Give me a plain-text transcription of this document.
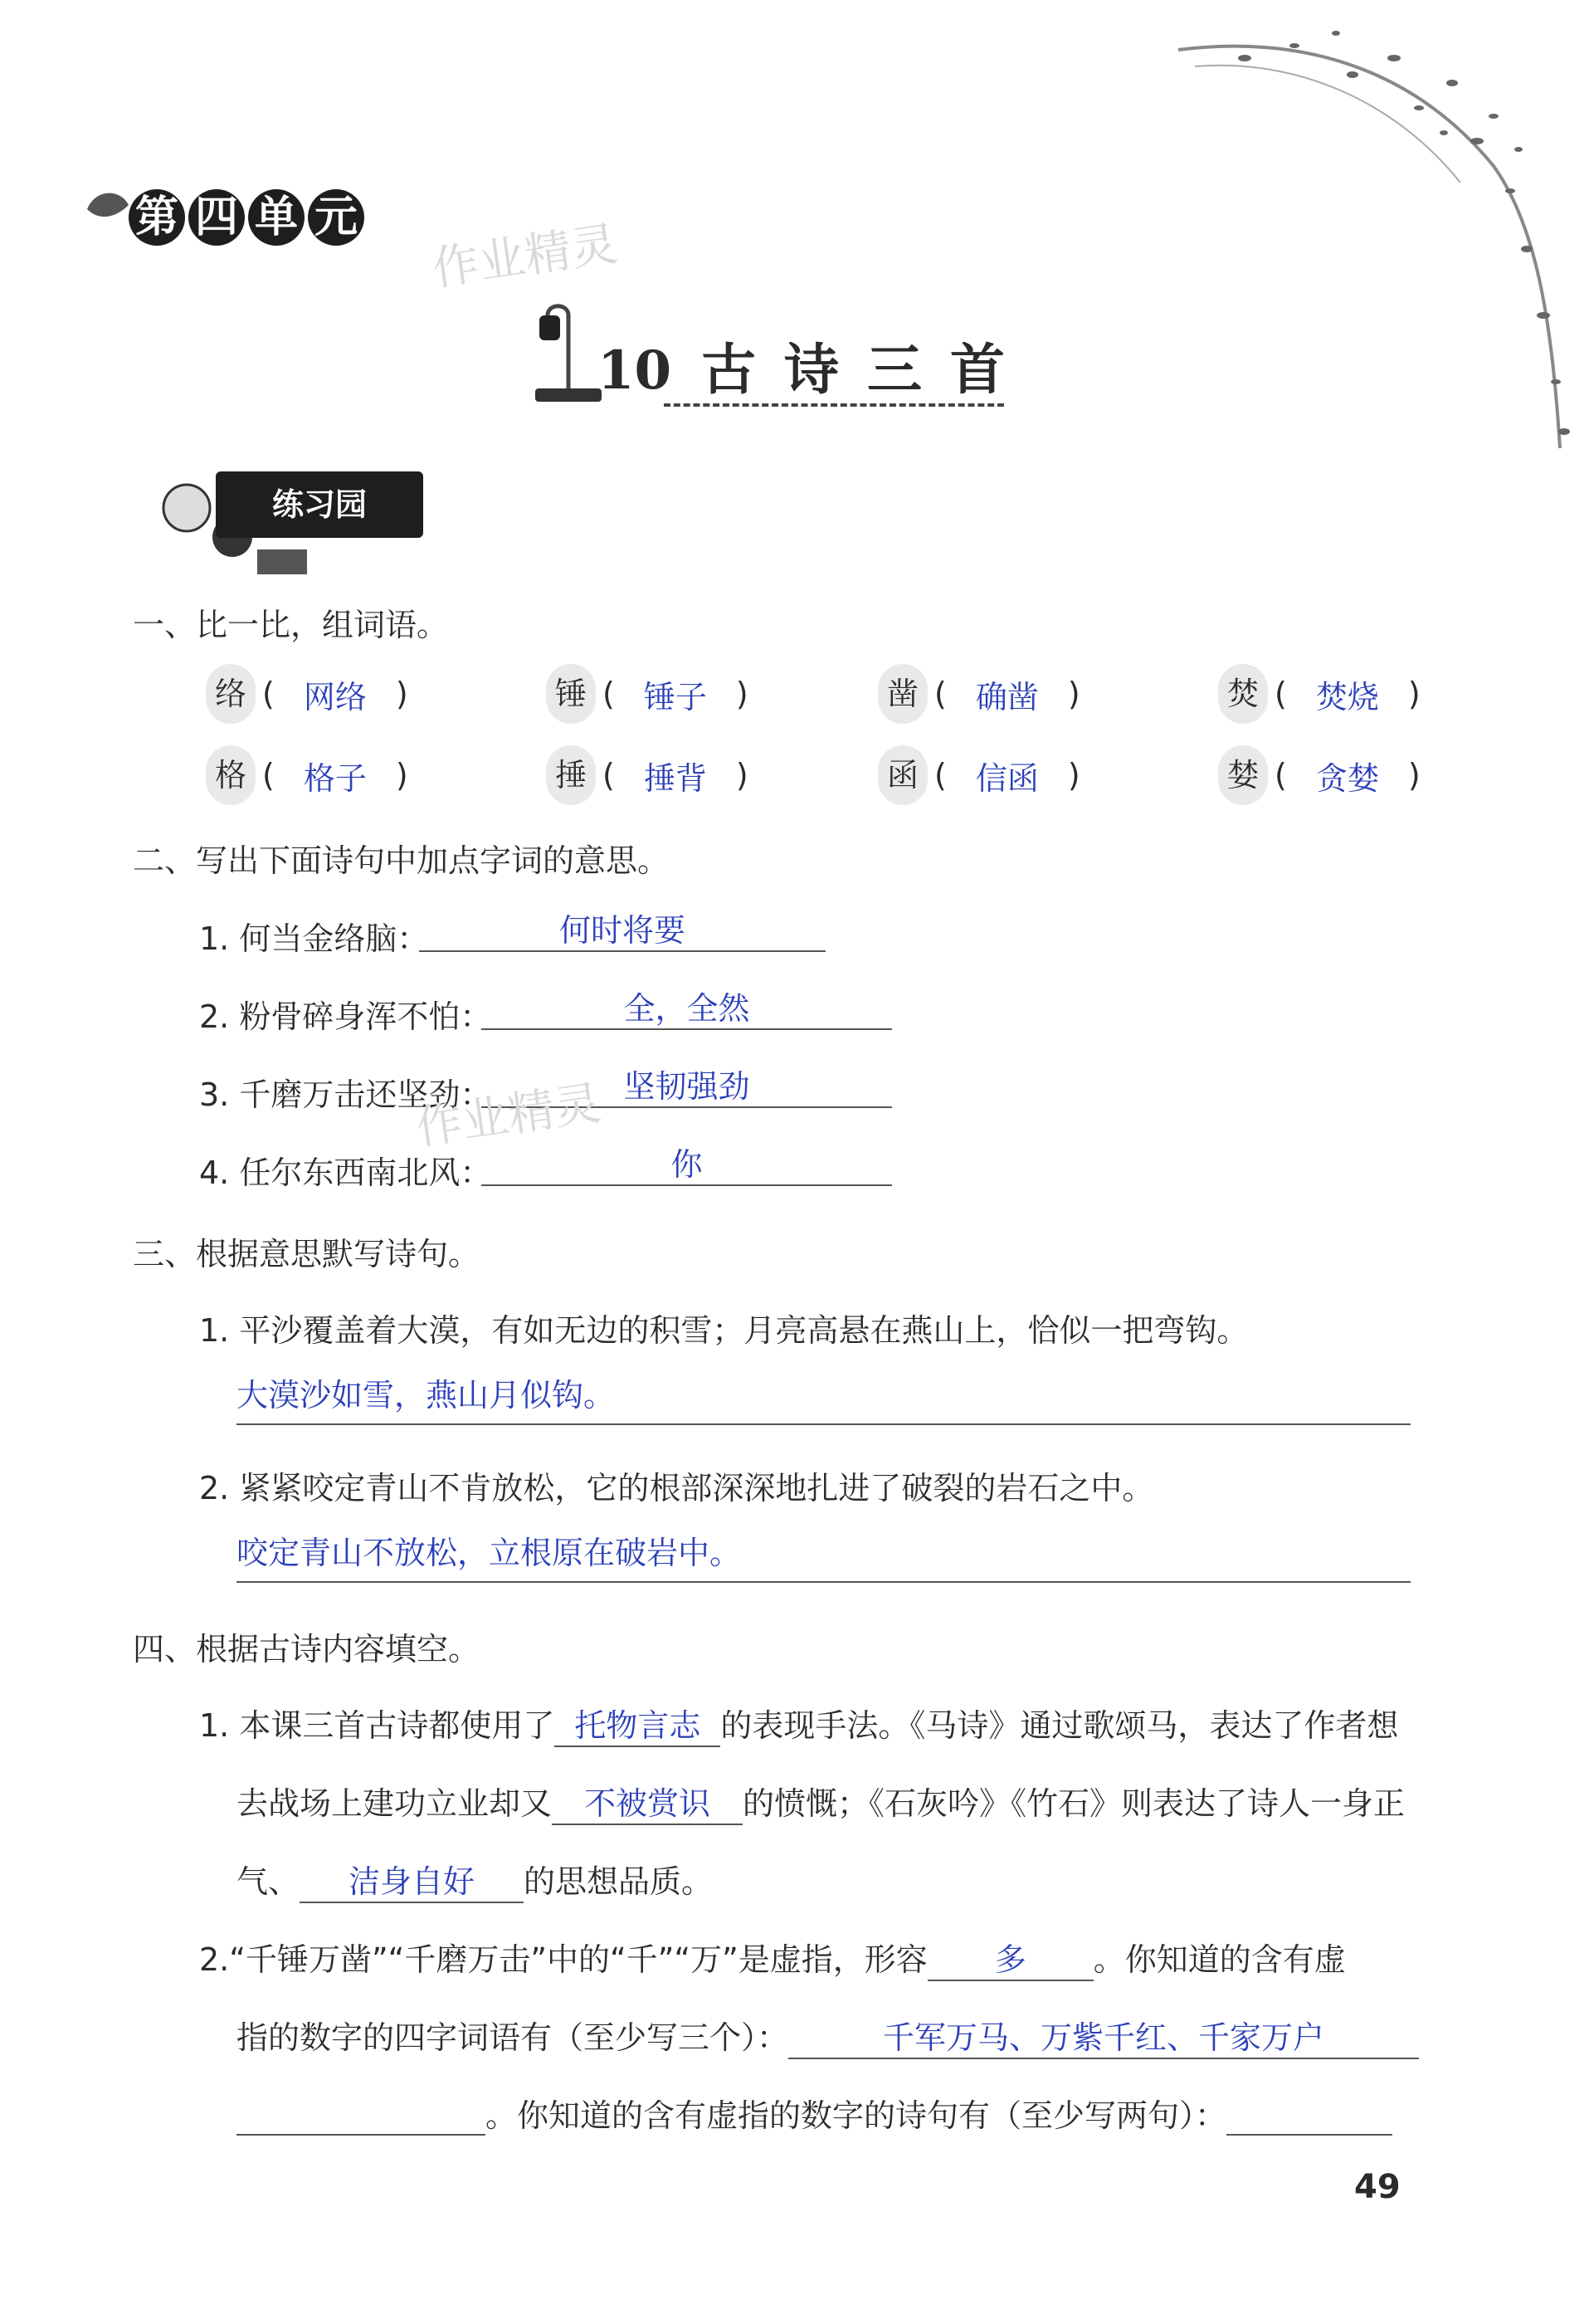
第 四 单 元 作业精灵
10 古诗三首
练习园
一、比一比，组词语。
络 ( 网络 )	锤 ( 锤子 )	凿 ( 确凿 )	焚 ( 焚烧 )
格 ( 格子 )	捶 ( 捶背 )	函 ( 信函 )	婪 ( 贪婪 )
二、写出下面诗句中加点字词的意思。
1. 何当金络脑：	何时将要
2. 粉骨碎身浑不怕：	全，全然
3. 千磨万击还坚劲：	坚韧强劲
作业精灵
4. 任尔东西南北风：	你
三、根据意思默写诗句。
1. 平沙覆盖着大漠，有如无边的积雪；月亮高悬在燕山上，恰似一把弯钩。
大漠沙如雪，燕山月似钩。
2. 紧紧咬定青山不肯放松，它的根部深深地扎进了破裂的岩石之中。
咬定青山不放松，立根原在破岩中。
四、根据古诗内容填空。
1. 本课三首古诗都使用了 托物言志 的表现手法。《马诗》通过歌颂马，表达了作者想
去战场上建功立业却又 不被赏识 的愤慨；《石灰吟》《竹石》则表达了诗人一身正
气、 洁身自好 的思想品质。
2.“千锤万凿”“千磨万击”中的“千”“万”是虚指，形容 多 。你知道的含有虚
指的数字的四字词语有（至少写三个）：	千军万马、万紫千红、千家万户
。你知道的含有虚指的数字的诗句有（至少写两句）：
49
